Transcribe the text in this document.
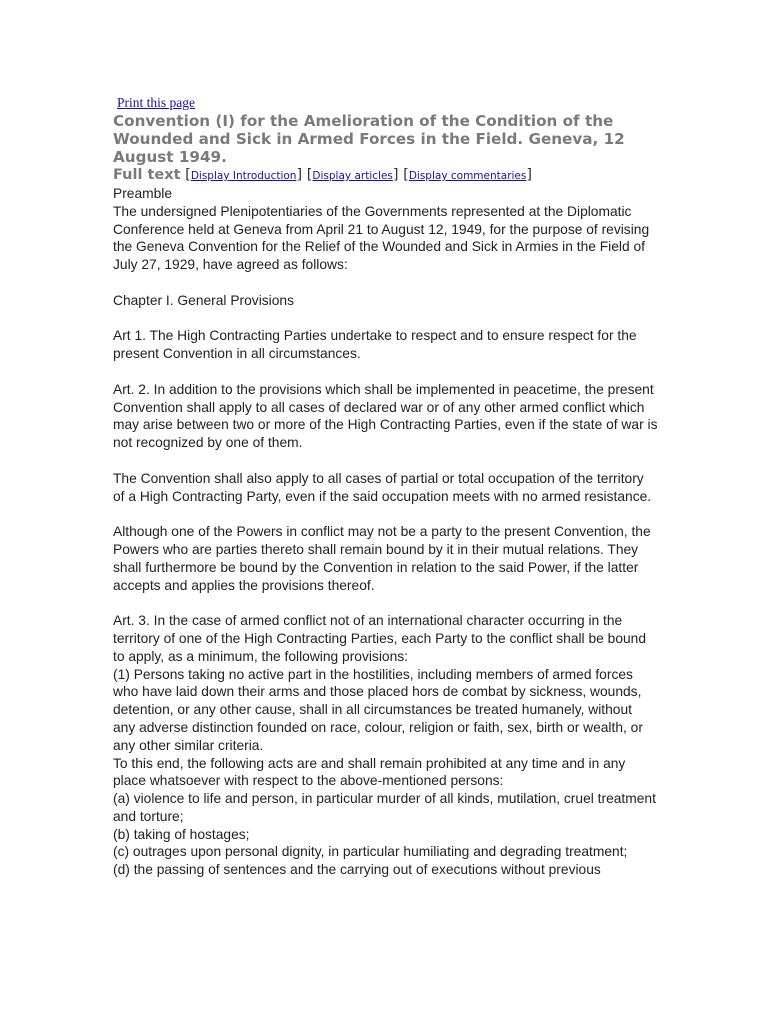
Print this page
Convention (I) for the Amelioration of the Condition of the Wounded and Sick in Armed Forces in the Field. Geneva, 12 August 1949.
Full text [Display Introduction] [Display articles] [Display commentaries]

Preamble

The undersigned Plenipotentiaries of the Governments represented at the Diplomatic Conference held at Geneva from April 21 to August 12, 1949, for the purpose of revising the Geneva Convention for the Relief of the Wounded and Sick in Armies in the Field of July 27, 1929, have agreed as follows:

Chapter I. General Provisions

Art 1. The High Contracting Parties undertake to respect and to ensure respect for the present Convention in all circumstances.

Art. 2. In addition to the provisions which shall be implemented in peacetime, the present Convention shall apply to all cases of declared war or of any other armed conflict which may arise between two or more of the High Contracting Parties, even if the state of war is not recognized by one of them.

The Convention shall also apply to all cases of partial or total occupation of the territory of a High Contracting Party, even if the said occupation meets with no armed resistance.

Although one of the Powers in conflict may not be a party to the present Convention, the Powers who are parties thereto shall remain bound by it in their mutual relations. They shall furthermore be bound by the Convention in relation to the said Power, if the latter accepts and applies the provisions thereof.

Art. 3. In the case of armed conflict not of an international character occurring in the territory of one of the High Contracting Parties, each Party to the conflict shall be bound to apply, as a minimum, the following provisions:

(1) Persons taking no active part in the hostilities, including members of armed forces who have laid down their arms and those placed hors de combat by sickness, wounds, detention, or any other cause, shall in all circumstances be treated humanely, without any adverse distinction founded on race, colour, religion or faith, sex, birth or wealth, or any other similar criteria.

To this end, the following acts are and shall remain prohibited at any time and in any place whatsoever with respect to the above-mentioned persons:

(a) violence to life and person, in particular murder of all kinds, mutilation, cruel treatment and torture;

(b) taking of hostages;

(c) outrages upon personal dignity, in particular humiliating and degrading treatment;

(d) the passing of sentences and the carrying out of executions without previous
